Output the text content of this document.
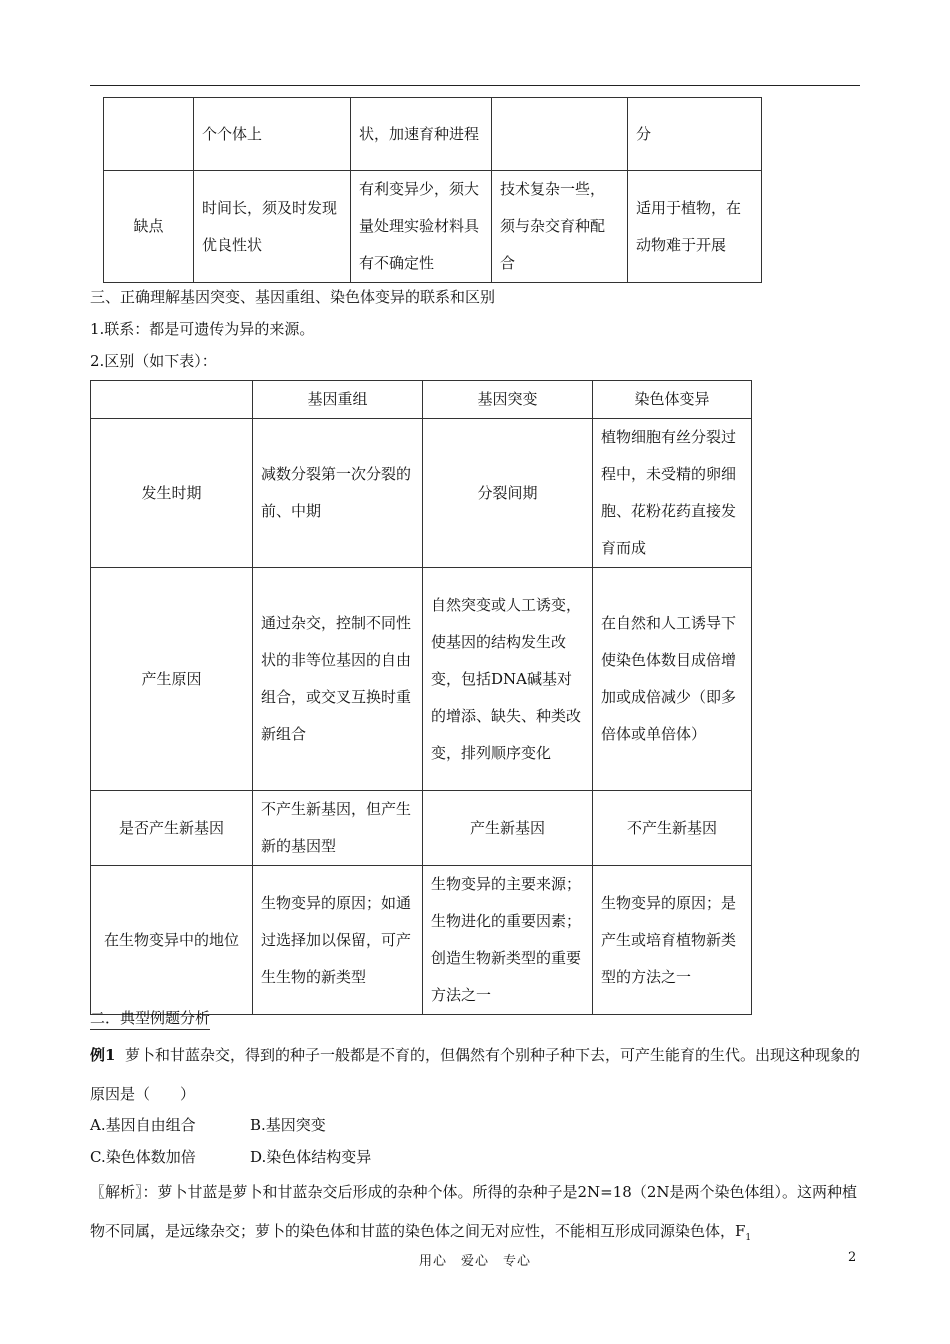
	个个体上	状，加速育种进程		分
缺点	时间长，须及时发现优良性状	有利变异少，须大量处理实验材料具有不确定性	技术复杂一些，须与杂交育种配合	适用于植物，在动物难于开展
三、正确理解基因突变、基因重组、染色体变异的联系和区别
1.联系：都是可遗传为异的来源。
2.区别（如下表）：
	基因重组	基因突变	染色体变异
发生时期	减数分裂第一次分裂的前、中期	分裂间期	植物细胞有丝分裂过程中，未受精的卵细胞、花粉花药直接发育而成
产生原因	通过杂交，控制不同性状的非等位基因的自由组合，或交叉互换时重新组合	自然突变或人工诱变，使基因的结构发生改变，包括DNA碱基对的增添、缺失、种类改变，排列顺序变化	在自然和人工诱导下使染色体数目成倍增加或成倍减少（即多倍体或单倍体）
是否产生新基因	不产生新基因，但产生新的基因型	产生新基因	不产生新基因
在生物变异中的地位	生物变异的原因；如通过选择加以保留，可产生生物的新类型	生物变异的主要来源；生物进化的重要因素；创造生物新类型的重要方法之一	生物变异的原因；是产生或培育植物新类型的方法之一
二．典型例题分析
例1 萝卜和甘蓝杂交，得到的种子一般都是不育的，但偶然有个别种子种下去，可产生能育的生代。出现这种现象的原因是（　　）
A.基因自由组合	B.基因突变
C.染色体数加倍	D.染色体结构变异
〖解析〗：萝卜甘蓝是萝卜和甘蓝杂交后形成的杂种个体。所得的杂种子是2N=18（2N是两个染色体组）。这两种植物不同属，是远缘杂交；萝卜的染色体和甘蓝的染色体之间无对应性，不能相互形成同源染色体，$F_1$
用心　爱心　专心	2
